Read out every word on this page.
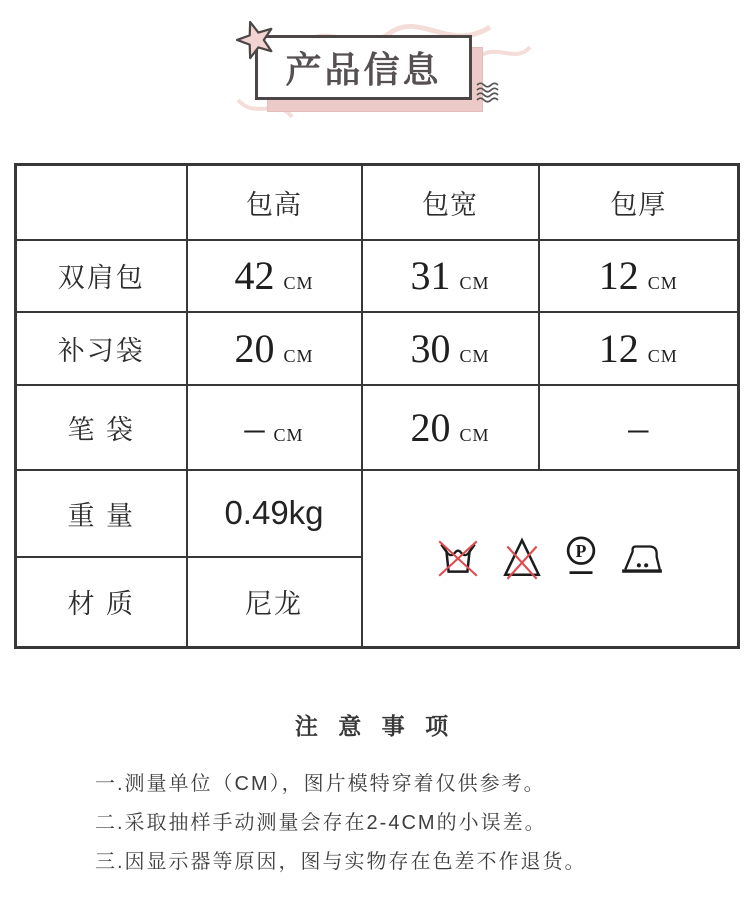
产品信息
	包高	包宽	包厚
双肩包	42 CM	31 CM	12 CM
补习袋	20 CM	30 CM	12 CM
笔 袋	– CM	20 CM	–
重 量	0.49kg	P	

材 质	尼龙		
注 意 事 项
一.测量单位（CM），图片模特穿着仅供参考。
二.采取抽样手动测量会存在2-4CM的小误差。
三.因显示器等原因，图与实物存在色差不作退货。
